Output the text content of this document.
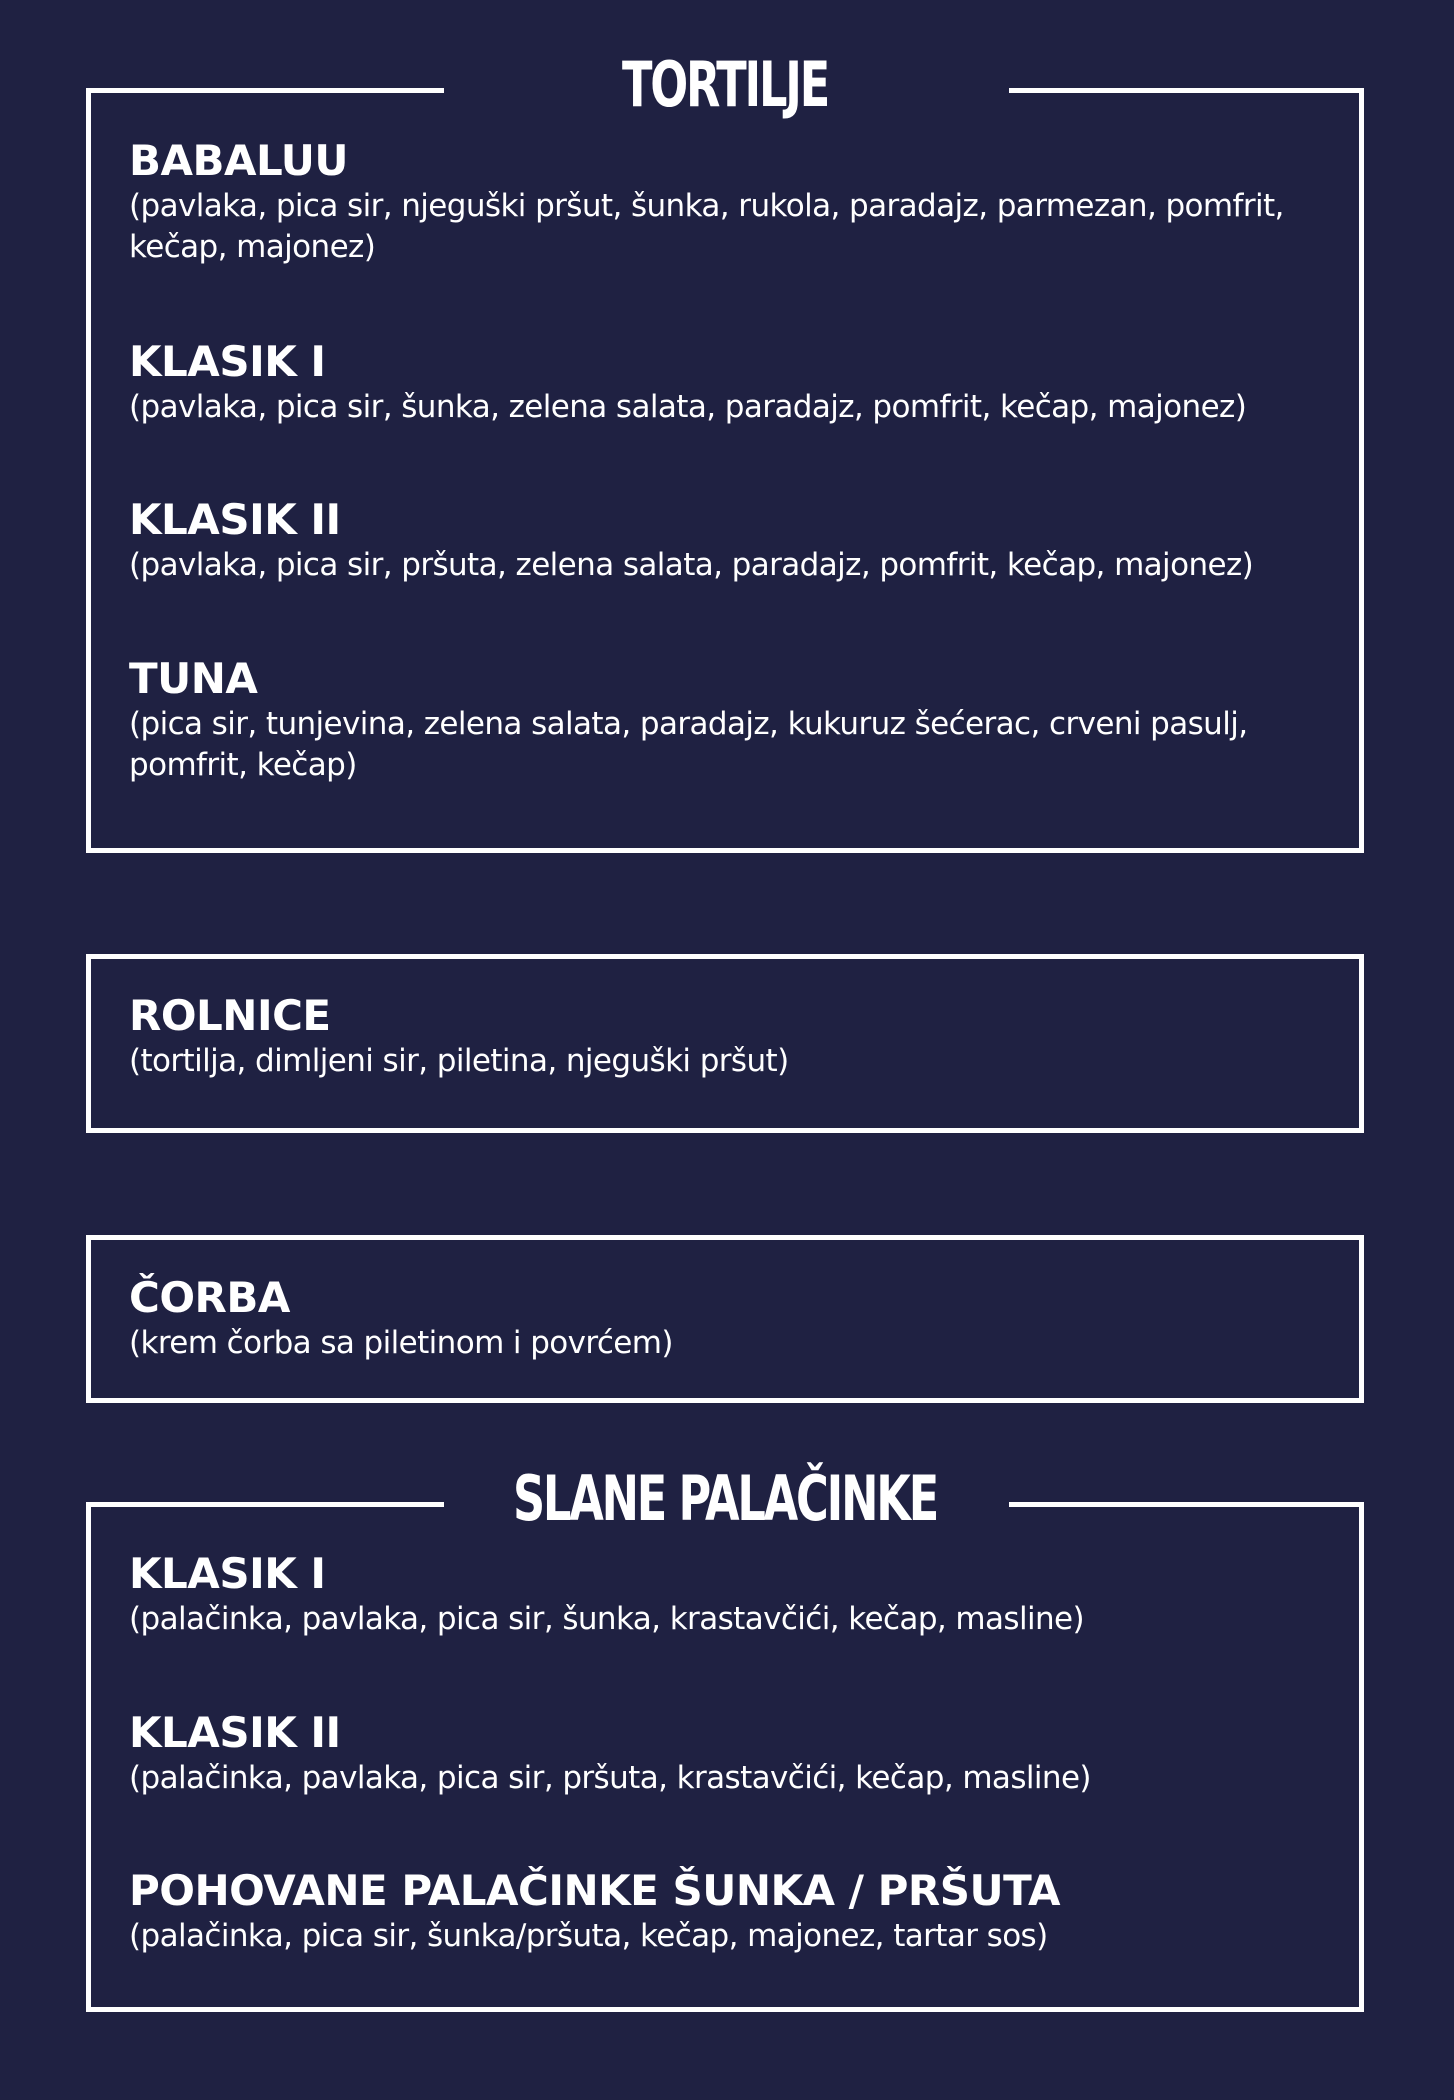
TORTILJE

BABALUU

(pavlaka, pica sir, njeguški pršut, šunka, rukola, paradajz, parmezan, pomfrit, kečap, majonez)

KLASIK I

(pavlaka, pica sir, šunka, zelena salata, paradajz, pomfrit, kečap, majonez)

KLASIK II

(pavlaka, pica sir, pršuta, zelena salata, paradajz, pomfrit, kečap, majonez)

TUNA

(pica sir, tunjevina, zelena salata, paradajz, kukuruz šećerac, crveni pasulj, pomfrit, kečap)

ROLNICE

(tortilja, dimljeni sir, piletina, njeguški pršut)

ČORBA

(krem čorba sa piletinom i povrćem)

SLANE PALAČINKE

KLASIK I

(palačinka, pavlaka, pica sir, šunka, krastavčići, kečap, masline)

KLASIK II

(palačinka, pavlaka, pica sir, pršuta, krastavčići, kečap, masline)

POHOVANE PALAČINKE ŠUNKA / PRŠUTA

(palačinka, pica sir, šunka/pršuta, kečap, majonez, tartar sos)
